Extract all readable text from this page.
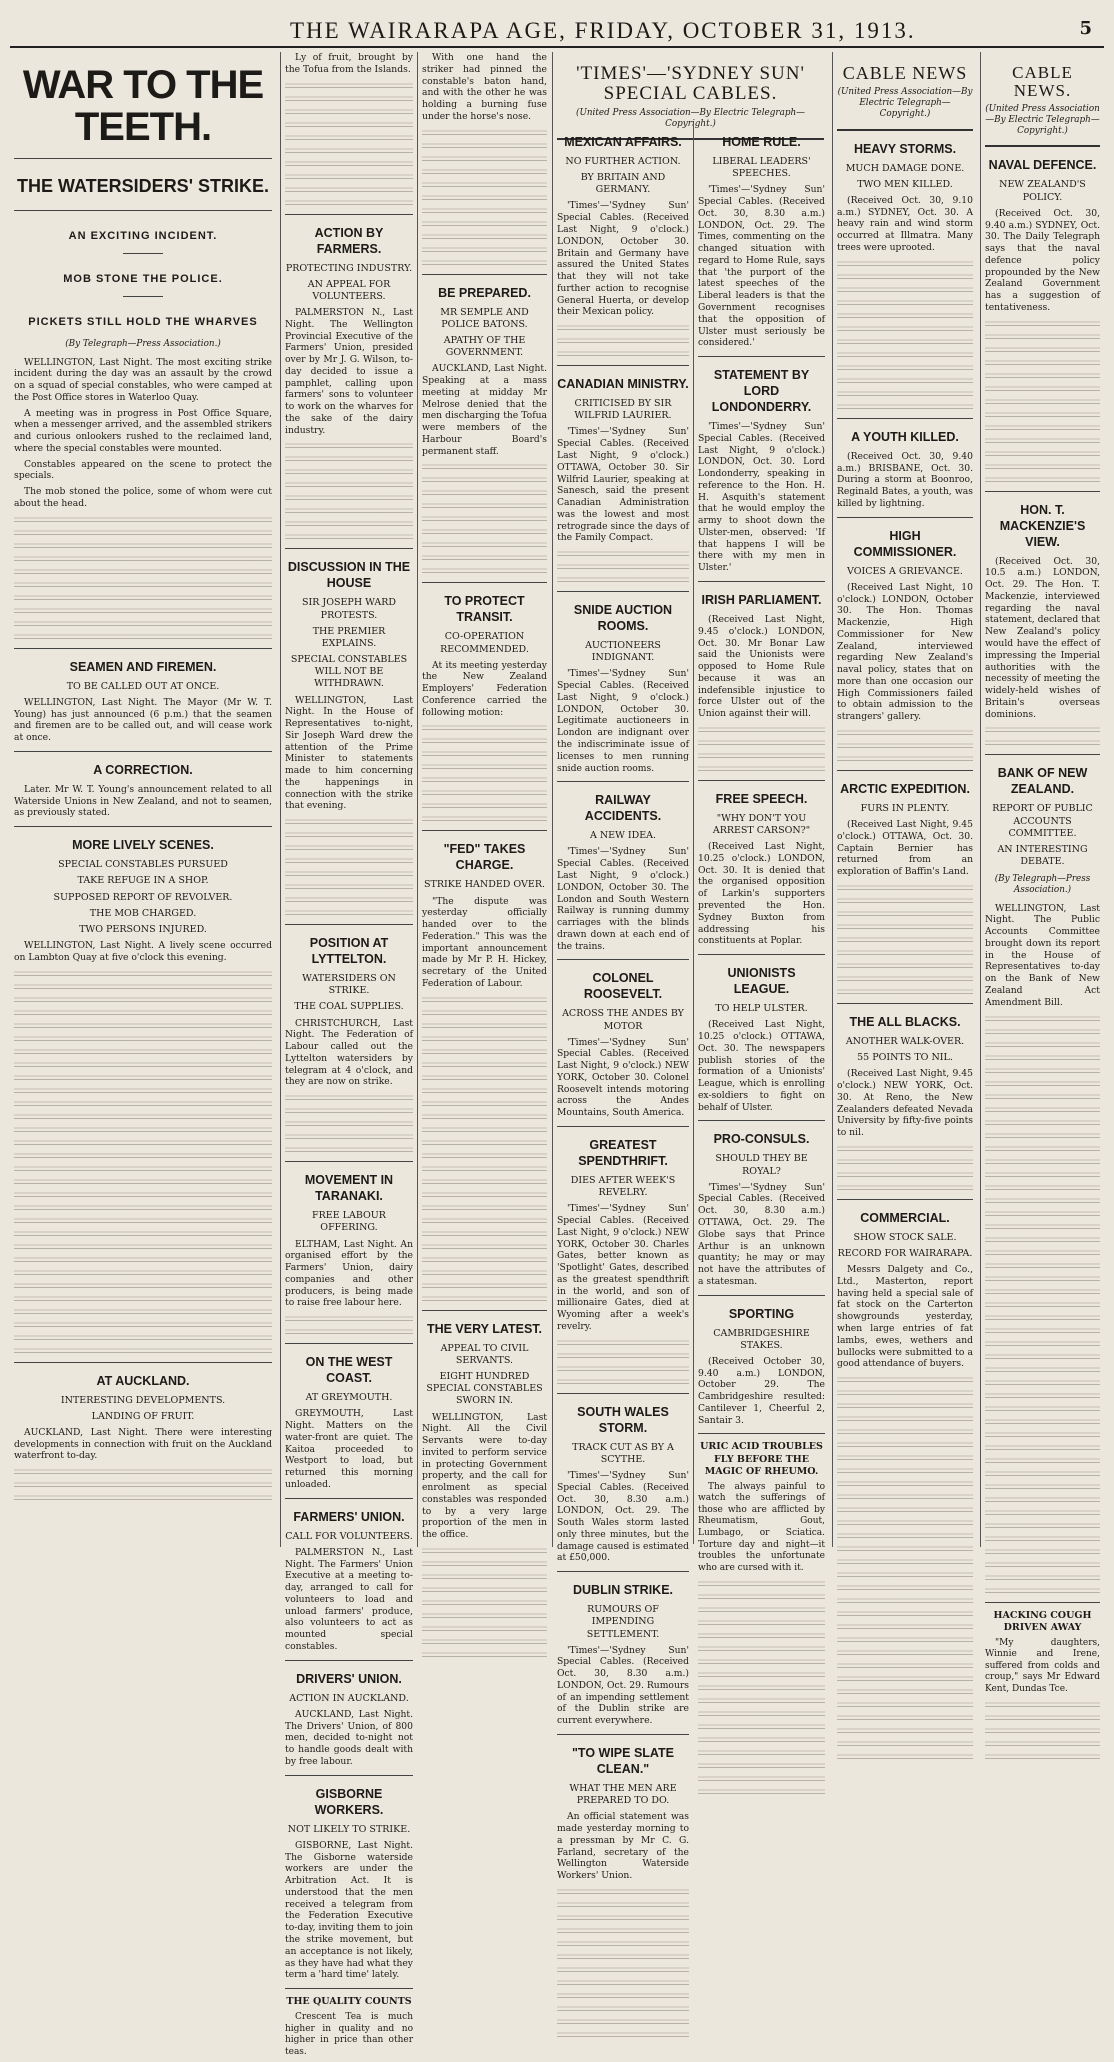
THE WAIRARAPA AGE, FRIDAY, OCTOBER 31, 1913.	5
WAR TO THE TEETH.
THE WATERSIDERS' STRIKE.
AN EXCITING INCIDENT.
MOB STONE THE POLICE.
PICKETS STILL HOLD THE WHARVES
(By Telegraph—Press Association.)

WELLINGTON, Last Night. The most exciting strike incident during the day was an assault by the crowd on a squad of special constables, who were camped at the Post Office stores in Waterloo Quay.

A meeting was in progress in Post Office Square, when a messenger arrived, and the assembled strikers and curious onlookers rushed to the reclaimed land, where the special constables were mounted.

Constables appeared on the scene to protect the specials.

The mob stoned the police, some of whom were cut about the head.

SEAMEN AND FIREMEN.
TO BE CALLED OUT AT ONCE.

WELLINGTON, Last Night. The Mayor (Mr W. T. Young) has just announced (6 p.m.) that the seamen and firemen are to be called out, and will cease work at once.

A CORRECTION.

Later. Mr W. T. Young's announcement related to all Waterside Unions in New Zealand, and not to seamen, as previously stated.

MORE LIVELY SCENES.
SPECIAL CONSTABLES PURSUED
TAKE REFUGE IN A SHOP.
SUPPOSED REPORT OF REVOLVER.
THE MOB CHARGED.
TWO PERSONS INJURED.

WELLINGTON, Last Night. A lively scene occurred on Lambton Quay at five o'clock this evening.

AT AUCKLAND.
INTERESTING DEVELOPMENTS.
LANDING OF FRUIT.

AUCKLAND, Last Night. There were interesting developments in connection with fruit on the Auckland waterfront to-day.

Ly of fruit, brought by the Tofua from the Islands.

ACTION BY FARMERS.
PROTECTING INDUSTRY.
AN APPEAL FOR VOLUNTEERS.

PALMERSTON N., Last Night. The Wellington Provincial Executive of the Farmers' Union, presided over by Mr J. G. Wilson, to-day decided to issue a pamphlet, calling upon farmers' sons to volunteer to work on the wharves for the sake of the dairy industry.

DISCUSSION IN THE HOUSE
SIR JOSEPH WARD PROTESTS.
THE PREMIER EXPLAINS.
SPECIAL CONSTABLES WILL NOT BE WITHDRAWN.

WELLINGTON, Last Night. In the House of Representatives to-night, Sir Joseph Ward drew the attention of the Prime Minister to statements made to him concerning the happenings in connection with the strike that evening.

POSITION AT LYTTELTON.
WATERSIDERS ON STRIKE.
THE COAL SUPPLIES.

CHRISTCHURCH, Last Night. The Federation of Labour called out the Lyttelton watersiders by telegram at 4 o'clock, and they are now on strike.

MOVEMENT IN TARANAKI.
FREE LABOUR OFFERING.

ELTHAM, Last Night. An organised effort by the Farmers' Union, dairy companies and other producers, is being made to raise free labour here.

ON THE WEST COAST.
AT GREYMOUTH.

GREYMOUTH, Last Night. Matters on the water-front are quiet. The Kaitoa proceeded to Westport to load, but returned this morning unloaded.

FARMERS' UNION.
CALL FOR VOLUNTEERS.

PALMERSTON N., Last Night. The Farmers' Union Executive at a meeting to-day, arranged to call for volunteers to load and unload farmers' produce, also volunteers to act as mounted special constables.

DRIVERS' UNION.
ACTION IN AUCKLAND.

AUCKLAND, Last Night. The Drivers' Union, of 800 men, decided to-night not to handle goods dealt with by free labour.

GISBORNE WORKERS.
NOT LIKELY TO STRIKE.

GISBORNE, Last Night. The Gisborne waterside workers are under the Arbitration Act. It is understood that the men received a telegram from the Federation Executive to-day, inviting them to join the strike movement, but an acceptance is not likely, as they have had what they term a 'hard time' lately.

THE QUALITY COUNTS

Crescent Tea is much higher in quality and no higher in price than other teas.

With one hand the striker had pinned the constable's baton hand, and with the other he was holding a burning fuse under the horse's nose.

BE PREPARED.
MR SEMPLE AND POLICE BATONS.
APATHY OF THE GOVERNMENT.

AUCKLAND, Last Night. Speaking at a mass meeting at midday Mr Melrose denied that the men discharging the Tofua were members of the Harbour Board's permanent staff.

TO PROTECT TRANSIT.
CO-OPERATION RECOMMENDED.

At its meeting yesterday the New Zealand Employers' Federation Conference carried the following motion:

"FED" TAKES CHARGE.
STRIKE HANDED OVER.

"The dispute was yesterday officially handed over to the Federation." This was the important announcement made by Mr P. H. Hickey, secretary of the United Federation of Labour.

THE VERY LATEST.
APPEAL TO CIVIL SERVANTS.
EIGHT HUNDRED SPECIAL CONSTABLES SWORN IN.

WELLINGTON, Last Night. All the Civil Servants were to-day invited to perform service in protecting Government property, and the call for enrolment as special constables was responded to by a very large proportion of the men in the office.

'TIMES'—'SYDNEY SUN' SPECIAL CABLES.
(United Press Association—By Electric Telegraph—Copyright.)
MEXICAN AFFAIRS.
NO FURTHER ACTION.
BY BRITAIN AND GERMANY.

'Times'—'Sydney Sun' Special Cables. (Received Last Night, 9 o'clock.) LONDON, October 30. Britain and Germany have assured the United States that they will not take further action to recognise General Huerta, or develop their Mexican policy.

CANADIAN MINISTRY.
CRITICISED BY SIR WILFRID LAURIER.

'Times'—'Sydney Sun' Special Cables. (Received Last Night, 9 o'clock.) OTTAWA, October 30. Sir Wilfrid Laurier, speaking at Sanesch, said the present Canadian Administration was the lowest and most retrograde since the days of the Family Compact.

SNIDE AUCTION ROOMS.
AUCTIONEERS INDIGNANT.

'Times'—'Sydney Sun' Special Cables. (Received Last Night, 9 o'clock.) LONDON, October 30. Legitimate auctioneers in London are indignant over the indiscriminate issue of licenses to men running snide auction rooms.

RAILWAY ACCIDENTS.
A NEW IDEA.

'Times'—'Sydney Sun' Special Cables. (Received Last Night, 9 o'clock.) LONDON, October 30. The London and South Western Railway is running dummy carriages with the blinds drawn down at each end of the trains.

COLONEL ROOSEVELT.
ACROSS THE ANDES BY MOTOR

'Times'—'Sydney Sun' Special Cables. (Received Last Night, 9 o'clock.) NEW YORK, October 30. Colonel Roosevelt intends motoring across the Andes Mountains, South America.

GREATEST SPENDTHRIFT.
DIES AFTER WEEK'S REVELRY.

'Times'—'Sydney Sun' Special Cables. (Received Last Night, 9 o'clock.) NEW YORK, October 30. Charles Gates, better known as 'Spotlight' Gates, described as the greatest spendthrift in the world, and son of millionaire Gates, died at Wyoming after a week's revelry.

SOUTH WALES STORM.
TRACK CUT AS BY A SCYTHE.

'Times'—'Sydney Sun' Special Cables. (Received Oct. 30, 8.30 a.m.) LONDON, Oct. 29. The South Wales storm lasted only three minutes, but the damage caused is estimated at £50,000.

DUBLIN STRIKE.
RUMOURS OF IMPENDING SETTLEMENT.

'Times'—'Sydney Sun' Special Cables. (Received Oct. 30, 8.30 a.m.) LONDON, Oct. 29. Rumours of an impending settlement of the Dublin strike are current everywhere.

"TO WIPE SLATE CLEAN."
WHAT THE MEN ARE PREPARED TO DO.

An official statement was made yesterday morning to a pressman by Mr C. G. Farland, secretary of the Wellington Waterside Workers' Union.

HOME RULE.
LIBERAL LEADERS' SPEECHES.

'Times'—'Sydney Sun' Special Cables. (Received Oct. 30, 8.30 a.m.) LONDON, Oct. 29. The Times, commenting on the changed situation with regard to Home Rule, says that 'the purport of the latest speeches of the Liberal leaders is that the Government recognises that the opposition of Ulster must seriously be considered.'

STATEMENT BY LORD LONDONDERRY.

'Times'—'Sydney Sun' Special Cables. (Received Last Night, 9 o'clock.) LONDON, Oct. 30. Lord Londonderry, speaking in reference to the Hon. H. H. Asquith's statement that he would employ the army to shoot down the Ulster-men, observed: 'If that happens I will be there with my men in Ulster.'

IRISH PARLIAMENT.

(Received Last Night, 9.45 o'clock.) LONDON, Oct. 30. Mr Bonar Law said the Unionists were opposed to Home Rule because it was an indefensible injustice to force Ulster out of the Union against their will.

FREE SPEECH.
"WHY DON'T YOU ARREST CARSON?"

(Received Last Night, 10.25 o'clock.) LONDON, Oct. 30. It is denied that the organised opposition of Larkin's supporters prevented the Hon. Sydney Buxton from addressing his constituents at Poplar.

UNIONISTS LEAGUE.
TO HELP ULSTER.

(Received Last Night, 10.25 o'clock.) OTTAWA, Oct. 30. The newspapers publish stories of the formation of a Unionists' League, which is enrolling ex-soldiers to fight on behalf of Ulster.

PRO-CONSULS.
SHOULD THEY BE ROYAL?

'Times'—'Sydney Sun' Special Cables. (Received Oct. 30, 8.30 a.m.) OTTAWA, Oct. 29. The Globe says that Prince Arthur is an unknown quantity; he may or may not have the attributes of a statesman.

SPORTING
CAMBRIDGESHIRE STAKES.

(Received October 30, 9.40 a.m.) LONDON, October 29. The Cambridgeshire resulted: Cantilever 1, Cheerful 2, Santair 3.

URIC ACID TROUBLES FLY BEFORE THE MAGIC OF RHEUMO.

The always painful to watch the sufferings of those who are afflicted by Rheumatism, Gout, Lumbago, or Sciatica. Torture day and night—it troubles the unfortunate who are cursed with it.

CABLE NEWS
(United Press Association—By Electric Telegraph—Copyright.)
HEAVY STORMS.
MUCH DAMAGE DONE.
TWO MEN KILLED.

(Received Oct. 30, 9.10 a.m.) SYDNEY, Oct. 30. A heavy rain and wind storm occurred at Illmatra. Many trees were uprooted.

A YOUTH KILLED.

(Received Oct. 30, 9.40 a.m.) BRISBANE, Oct. 30. During a storm at Boonroo, Reginald Bates, a youth, was killed by lightning.

HIGH COMMISSIONER.
VOICES A GRIEVANCE.

(Received Last Night, 10 o'clock.) LONDON, October 30. The Hon. Thomas Mackenzie, High Commissioner for New Zealand, interviewed regarding New Zealand's naval policy, states that on more than one occasion our High Commissioners failed to obtain admission to the strangers' gallery.

ARCTIC EXPEDITION.
FURS IN PLENTY.

(Received Last Night, 9.45 o'clock.) OTTAWA, Oct. 30. Captain Bernier has returned from an exploration of Baffin's Land.

THE ALL BLACKS.
ANOTHER WALK-OVER.
55 POINTS TO NIL.

(Received Last Night, 9.45 o'clock.) NEW YORK, Oct. 30. At Reno, the New Zealanders defeated Nevada University by fifty-five points to nil.

COMMERCIAL.
SHOW STOCK SALE.
RECORD FOR WAIRARAPA.

Messrs Dalgety and Co., Ltd., Masterton, report having held a special sale of fat stock on the Carterton showgrounds yesterday, when large entries of fat lambs, ewes, wethers and bullocks were submitted to a good attendance of buyers.

CABLE NEWS.
(United Press Association—By Electric Telegraph—Copyright.)
NAVAL DEFENCE.
NEW ZEALAND'S POLICY.

(Received Oct. 30, 9.40 a.m.) SYDNEY, Oct. 30. The Daily Telegraph says that the naval defence policy propounded by the New Zealand Government has a suggestion of tentativeness.

HON. T. MACKENZIE'S VIEW.

(Received Oct. 30, 10.5 a.m.) LONDON, Oct. 29. The Hon. T. Mackenzie, interviewed regarding the naval statement, declared that New Zealand's policy would have the effect of impressing the Imperial authorities with the necessity of meeting the widely-held wishes of Britain's overseas dominions.

BANK OF NEW ZEALAND.
REPORT OF PUBLIC ACCOUNTS COMMITTEE.
AN INTERESTING DEBATE.
(By Telegraph—Press Association.)

WELLINGTON, Last Night. The Public Accounts Committee brought down its report in the House of Representatives to-day on the Bank of New Zealand Act Amendment Bill.

HACKING COUGH DRIVEN AWAY

"My daughters, Winnie and Irene, suffered from colds and croup," says Mr Edward Kent, Dundas Tce.
